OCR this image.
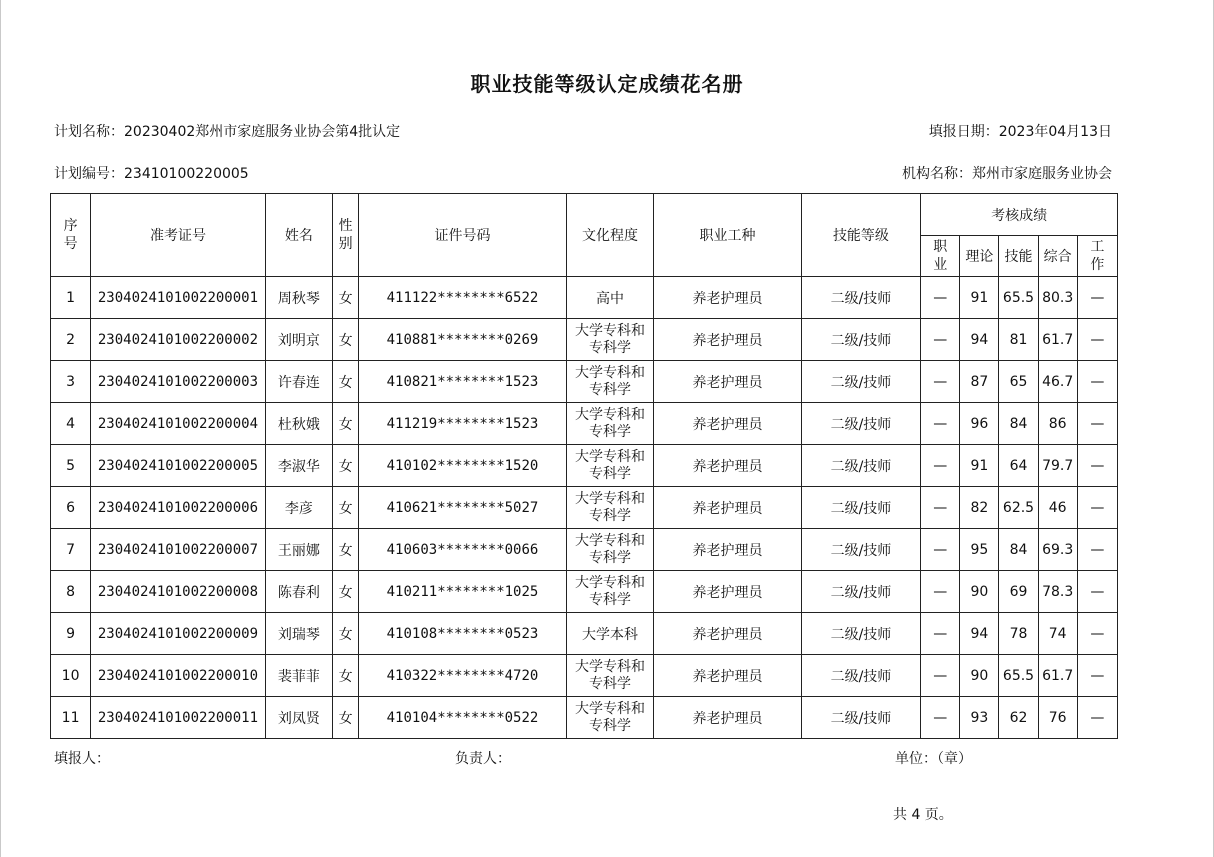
职业技能等级认定成绩花名册
计划名称：20230402郑州市家庭服务业协会第4批认定	填报日期：2023年04月13日
计划编号：23410100220005	机构名称：郑州市家庭服务业协会
序号	准考证号	姓名	性别	证件号码	文化程度	职业工种	技能等级	考核成绩				

								职业	理论	技能	综合	工作

1	2304024101002200001	周秋琴	女	411122********6522	高中	养老护理员	二级/技师	—	91	65.5	80.3	—
2	2304024101002200002	刘明京	女	410881********0269	大学专科和专科学	养老护理员	二级/技师	—	94	81	61.7	—
3	2304024101002200003	许春连	女	410821********1523	大学专科和专科学	养老护理员	二级/技师	—	87	65	46.7	—
4	2304024101002200004	杜秋娥	女	411219********1523	大学专科和专科学	养老护理员	二级/技师	—	96	84	86	—
5	2304024101002200005	李淑华	女	410102********1520	大学专科和专科学	养老护理员	二级/技师	—	91	64	79.7	—
6	2304024101002200006	李彦	女	410621********5027	大学专科和专科学	养老护理员	二级/技师	—	82	62.5	46	—
7	2304024101002200007	王丽娜	女	410603********0066	大学专科和专科学	养老护理员	二级/技师	—	95	84	69.3	—
8	2304024101002200008	陈春利	女	410211********1025	大学专科和专科学	养老护理员	二级/技师	—	90	69	78.3	—
9	2304024101002200009	刘瑞琴	女	410108********0523	大学本科	养老护理员	二级/技师	—	94	78	74	—
10	2304024101002200010	裴菲菲	女	410322********4720	大学专科和专科学	养老护理员	二级/技师	—	90	65.5	61.7	—
11	2304024101002200011	刘凤贤	女	410104********0522	大学专科和专科学	养老护理员	二级/技师	—	93	62	76	—
填报人：	负责人：	单位：（章）
共 4 页。
